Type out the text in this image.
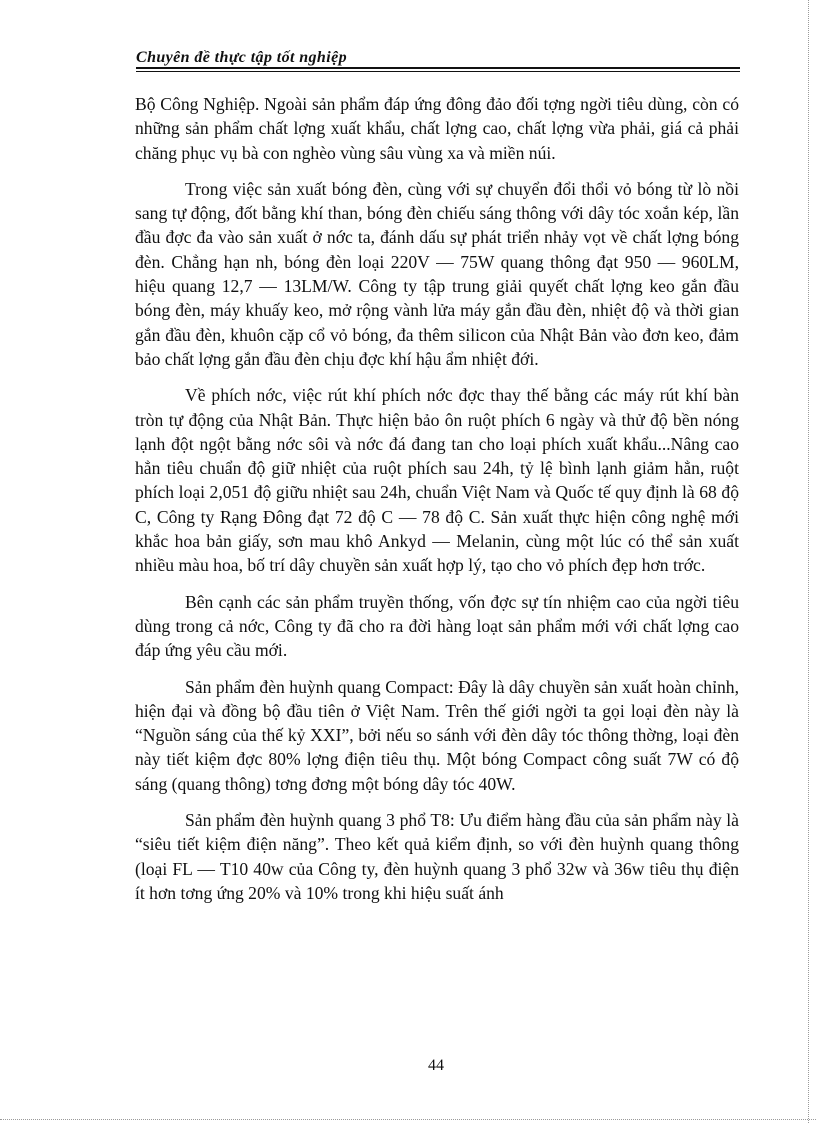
Chuyên đề thực tập tốt nghiệp

Bộ Công Nghiệp. Ngoài sản phẩm đáp ứng đông đảo đối tợng ngời tiêu dùng, còn có những sản phẩm chất lợng xuất khẩu, chất lợng cao, chất lợng vừa phải, giá cả phải chăng phục vụ bà con nghèo vùng sâu vùng xa và miền núi.

Trong việc sản xuất bóng đèn, cùng với sự chuyển đổi thổi vỏ bóng từ lò nồi sang tự động, đốt bằng khí than, bóng đèn chiếu sáng thông với dây tóc xoắn kép, lần đầu đợc đa vào sản xuất ở nớc ta, đánh dấu sự phát triển nhảy vọt về chất lợng bóng đèn. Chẳng hạn nh, bóng đèn loại 220V — 75W quang thông đạt 950 — 960LM, hiệu quang 12,7 — 13LM/W. Công ty tập trung giải quyết chất lợng keo gắn đầu bóng đèn, máy khuấy keo, mở rộng vành lửa máy gắn đầu đèn, nhiệt độ và thời gian gắn đầu đèn, khuôn cặp cổ vỏ bóng, đa thêm silicon của Nhật Bản vào đơn keo, đảm bảo chất lợng gắn đầu đèn chịu đợc khí hậu ẩm nhiệt đới.

Về phích nớc, việc rút khí phích nớc đợc thay thế bằng các máy rút khí bàn tròn tự động của Nhật Bản. Thực hiện bảo ôn ruột phích 6 ngày và thử độ bền nóng lạnh đột ngột bằng nớc sôi và nớc đá đang tan cho loại phích xuất khẩu...Nâng cao hẳn tiêu chuẩn độ giữ nhiệt của ruột phích sau 24h, tỷ lệ bình lạnh giảm hẳn, ruột phích loại 2,051 độ giữu nhiệt sau 24h, chuẩn Việt Nam và Quốc tế quy định là 68 độ C, Công ty Rạng Đông đạt 72 độ C — 78 độ C. Sản xuất thực hiện công nghệ mới khắc hoa bản giấy, sơn mau khô Ankyd — Melanin, cùng một lúc có thể sản xuất nhiều màu hoa, bố trí dây chuyền sản xuất hợp lý, tạo cho vỏ phích đẹp hơn trớc.

Bên cạnh các sản phẩm truyền thống, vốn đợc sự tín nhiệm cao của ngời tiêu dùng trong cả nớc, Công ty đã cho ra đời hàng loạt sản phẩm mới với chất lợng cao đáp ứng yêu cầu mới.

Sản phẩm đèn huỳnh quang Compact: Đây là dây chuyền sản xuất hoàn chỉnh, hiện đại và đồng bộ đầu tiên ở Việt Nam. Trên thế giới ngời ta gọi loại đèn này là “Nguồn sáng của thế kỷ XXI”, bởi nếu so sánh với đèn dây tóc thông thờng, loại đèn này tiết kiệm đợc 80% lợng điện tiêu thụ. Một bóng Compact công suất 7W có độ sáng (quang thông) tơng đơng một bóng dây tóc 40W.

Sản phẩm đèn huỳnh quang 3 phổ T8: Ưu điểm hàng đầu của sản phẩm này là “siêu tiết kiệm điện năng”. Theo kết quả kiểm định, so với đèn huỳnh quang thông (loại FL — T10 40w của Công ty, đèn huỳnh quang 3 phổ 32w và 36w tiêu thụ điện ít hơn tơng ứng 20% và 10% trong khi hiệu suất ánh

44
